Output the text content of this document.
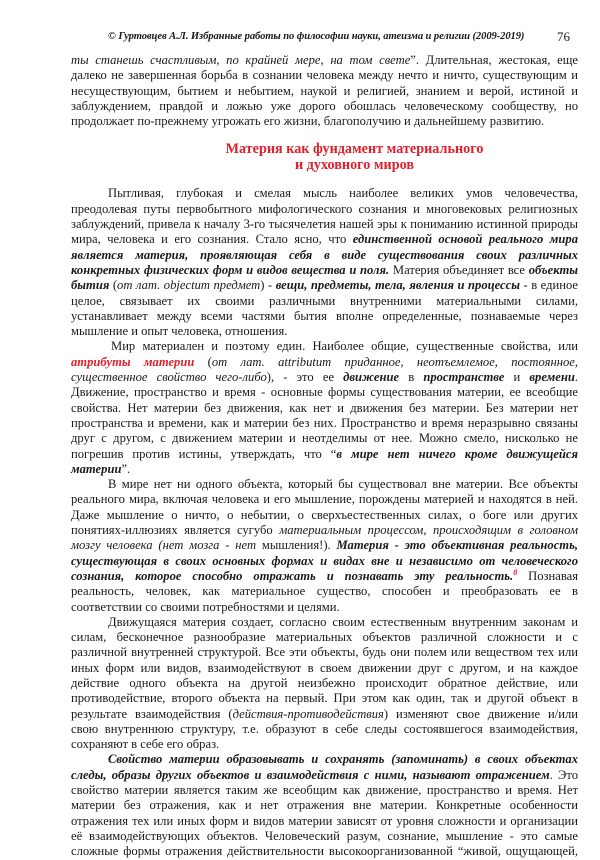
© Гуртовцев А.Л. Избранные работы по философии науки, атеизма и религии (2009-2019)	76

ты станешь счастливым, по крайней мере, на том свете”. Длительная, жестокая, еще
далеко не завершенная борьба в сознании человека между нечто и ничто, существующим и
несуществующим, бытием и небытием, наукой и религией, знанием и верой, истиной и
заблуждением, правдой и ложью уже дорого обошлась человеческому сообществу, но
продолжает по-прежнему угрожать его жизни, благополучию и дальнейшему развитию.

Материя как фундамент материального
и духовного миров

Пытливая, глубокая и смелая мысль наиболее великих умов человечества,
преодолевая путы первобытного мифологического сознания и многовековых религиозных
заблуждений, привела к началу 3-го тысячелетия нашей эры к пониманию истинной природы
мира, человека и его сознания. Стало ясно, что единственной основой реального мира
является материя, проявляющая себя в виде существования своих различных
конкретных физических форм и видов вещества и поля. Материя объединяет все объекты
бытия (от лат. objectum предмет) - вещи, предметы, тела, явления и процессы - в единое
целое, связывает их своими различными внутренними материальными силами,
устанавливает между всеми частями бытия вполне определенные, познаваемые через
мышление и опыт человека, отношения.

Мир материален и поэтому един. Наиболее общие, существенные свойства, или
атрибуты материи (от лат. attributum приданное, неотъемлемое, постоянное,
существенное свойство чего-либо), - это ее движение в пространстве и времени.
Движение, пространство и время - основные формы существования материи, ее всеобщие
свойства. Нет материи без движения, как нет и движения без материи. Без материи нет
пространства и времени, как и материи без них. Пространство и время неразрывно связаны
друг с другом, с движением материи и неотделимы от нее. Можно смело, нисколько не
погрешив против истины, утверждать, что “в мире нет ничего кроме движущейся
материи”.

В мире нет ни одного объекта, который бы существовал вне материи. Все объекты
реального мира, включая человека и его мышление, порождены материей и находятся в ней.
Даже мышление о ничто, о небытии, о сверхъестественных силах, о боге или других
понятиях-иллюзиях является сугубо материальным процессом, происходящим в головном
мозгу человека (нет мозга - нет мышления!). Материя - это объективная реальность,
существующая в своих основных формах и видах вне и независимо от человеческого
сознания, которое способно отражать и познавать эту реальность.$^8$ Познавая
реальность, человек, как материальное существо, способен и преобразовать ее в
соответствии со своими потребностями и целями.

Движущаяся материя создает, согласно своим естественным внутренним законам и
силам, бесконечное разнообразие материальных объектов различной сложности и с
различной внутренней структурой. Все эти объекты, будь они полем или веществом тех или
иных форм или видов, взаимодействуют в своем движении друг с другом, и на каждое
действие одного объекта на другой неизбежно происходит обратное действие, или
противодействие, второго объекта на первый. При этом как один, так и другой объект в
результате взаимодействия (действия-противодействия) изменяют свое движение и/или
свою внутреннюю структуру, т.е. образуют в себе следы состоявшегося взаимодействия,
сохраняют в себе его образ.

Свойство материи образовывать и сохранять (запоминать) в своих объектах
следы, образы других объектов и взаимодействия с ними, называют отражением. Это
свойство материи является таким же всеобщим как движение, пространство и время. Нет
материи без отражения, как и нет отражения вне материи. Конкретные особенности
отражения тех или иных форм и видов материи зависят от уровня сложности и организации
её взаимодействующих объектов. Человеческий разум, сознание, мышление - это самые
сложные формы отражения действительности высокоорганизованной “живой, ощущающей,
